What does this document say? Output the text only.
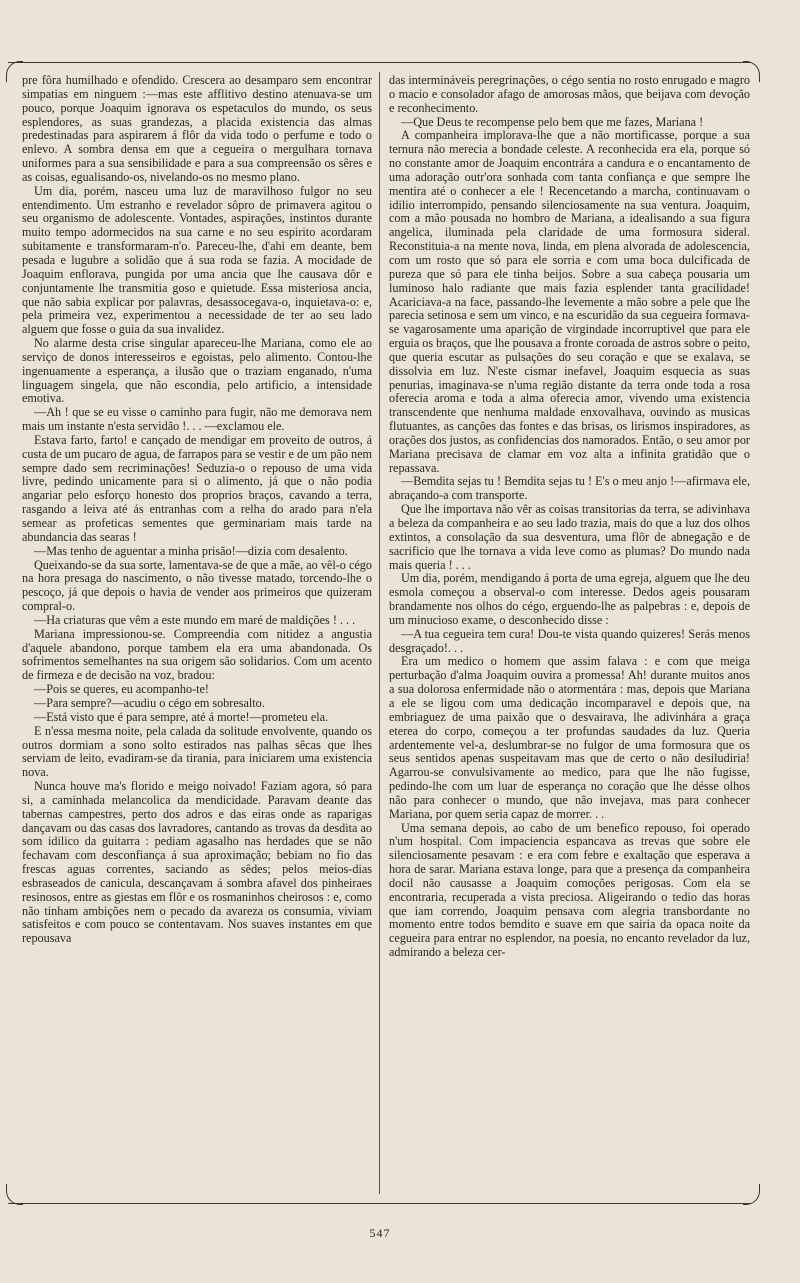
pre fôra humilhado e ofendido. Crescera ao desamparo sem encontrar simpatias em ninguem :—mas este afflitivo destino atenuava-se um pouco, porque Joaquim ignorava os espetaculos do mundo, os seus esplendores, as suas grandezas, a placida existencia das almas predestinadas para aspirarem á flôr da vida todo o perfume e todo o enlevo. A sombra densa em que a cegueira o mergulhara tornava uniformes para a sua sensibilidade e para a sua compreensão os sêres e as coisas, egualisando-os, nivelando-os no mesmo plano.

Um dia, porém, nasceu uma luz de maravilhoso fulgor no seu entendimento. Um estranho e revelador sôpro de primavera agitou o seu organismo de adolescente. Vontades, aspirações, instintos durante muito tempo adormecidos na sua carne e no seu espirito acordaram subitamente e transformaram-n'o. Pareceu-lhe, d'ahi em deante, bem pesada e lugubre a solidão que á sua roda se fazia. A mocidade de Joaquim enflorava, pungida por uma ancia que lhe causava dôr e conjuntamente lhe transmitia goso e quietude. Essa misteriosa ancia, que não sabia explicar por palavras, desassocegava-o, inquietava-o: e, pela primeira vez, experimentou a necessidade de ter ao seu lado alguem que fosse o guia da sua invalidez.

No alarme desta crise singular apareceu-lhe Mariana, como ele ao serviço de donos interesseiros e egoistas, pelo alimento. Contou-lhe ingenuamente a esperança, a ilusão que o traziam enganado, n'uma linguagem singela, que não escondia, pelo artificio, a intensidade emotiva.

—Ah ! que se eu visse o caminho para fugir, não me demorava nem mais um instante n'esta servidão !. . . —exclamou ele.

Estava farto, farto! e cançado de mendigar em proveito de outros, á custa de um pucaro de agua, de farrapos para se vestir e de um pão nem sempre dado sem recriminações! Seduzia-o o repouso de uma vida livre, pedindo unicamente para si o alimento, já que o não podia angariar pelo esforço honesto dos proprios braços, cavando a terra, rasgando a leiva até ás entranhas com a relha do arado para n'ela semear as profeticas sementes que germinariam mais tarde na abundancia das searas !

—Mas tenho de aguentar a minha prisão!—dizia com desalento.

Queixando-se da sua sorte, lamentava-se de que a mãe, ao vêl-o cégo na hora presaga do nascimento, o não tivesse matado, torcendo-lhe o pescoço, já que depois o havia de vender aos primeiros que quizeram compral-o.

—Ha criaturas que vêm a este mundo em maré de maldições ! . . .

Mariana impressionou-se. Compreendia com nitidez a angustia d'aquele abandono, porque tambem ela era uma abandonada. Os sofrimentos semelhantes na sua origem são solidarios. Com um acento de firmeza e de decisão na voz, bradou:

—Pois se queres, eu acompanho-te!

—Para sempre?—acudiu o cégo em sobresalto.

—Está visto que é para sempre, até á morte!—prometeu ela.

E n'essa mesma noite, pela calada da solitude envolvente, quando os outros dormiam a sono solto estirados nas palhas sêcas que lhes serviam de leito, evadiram-se da tirania, para iniciarem uma existencia nova.

Nunca houve ma's florido e meigo noivado! Faziam agora, só para si, a caminhada melancolica da mendicidade. Paravam deante das tabernas campestres, perto dos adros e das eiras onde as raparigas dançavam ou das casas dos lavradores, cantando as trovas da desdita ao som idilico da guitarra : pediam agasalho nas herdades que se não fechavam com desconfiança á sua aproximação; bebiam no fio das frescas aguas correntes, saciando as sêdes; pelos meios-dias esbraseados de canicula, descançavam á sombra afavel dos pinheiraes resinosos, entre as giestas em flôr e os rosmaninhos cheirosos : e, como não tinham ambições nem o pecado da avareza os consumia, viviam satisfeitos e com pouco se contentavam. Nos suaves instantes em que repousava

das intermináveis peregrinações, o cégo sentia no rosto enrugado e magro o macio e consolador afago de amorosas mãos, que beijava com devoção e reconhecimento.

—Que Deus te recompense pelo bem que me fazes, Mariana !

A companheira implorava-lhe que a não mortificasse, porque a sua ternura não merecia a bondade celeste. A reconhecida era ela, porque só no constante amor de Joaquim encontrára a candura e o encantamento de uma adoração outr'ora sonhada com tanta confiança e que sempre lhe mentira até o conhecer a ele ! Recencetando a marcha, continuavam o idilio interrompido, pensando silenciosamente na sua ventura. Joaquim, com a mão pousada no hombro de Mariana, a idealisando a sua figura angelica, iluminada pela claridade de uma formosura sideral. Reconstituia-a na mente nova, linda, em plena alvorada de adolescencia, com um rosto que só para ele sorria e com uma boca dulcificada de pureza que só para ele tinha beijos. Sobre a sua cabeça pousaria um luminoso halo radiante que mais fazia esplender tanta gracilidade! Acariciava-a na face, passando-lhe levemente a mão sobre a pele que lhe parecia setinosa e sem um vinco, e na escuridão da sua cegueira formava-se vagarosamente uma aparição de virgindade incorruptivel que para ele erguia os braços, que lhe pousava a fronte coroada de astros sobre o peito, que queria escutar as pulsações do seu coração e que se exalava, se dissolvia em luz. N'este cismar inefavel, Joaquim esquecia as suas penurias, imaginava-se n'uma região distante da terra onde toda a rosa oferecia aroma e toda a alma oferecia amor, vivendo uma existencia transcendente que nenhuma maldade enxovalhava, ouvindo as musicas flutuantes, as canções das fontes e das brisas, os lirismos inspiradores, as orações dos justos, as confidencias dos namorados. Então, o seu amor por Mariana precisava de clamar em voz alta a infinita gratidão que o repassava.

—Bemdita sejas tu ! Bemdita sejas tu ! E's o meu anjo !—afirmava ele, abraçando-a com transporte.

Que lhe importava não vêr as coisas transitorias da terra, se adivinhava a beleza da companheira e ao seu lado trazia, mais do que a luz dos olhos extintos, a consolação da sua desventura, uma flôr de abnegação e de sacrificio que lhe tornava a vida leve como as plumas? Do mundo nada mais queria ! . . .

Um dia, porém, mendigando á porta de uma egreja, alguem que lhe deu esmola começou a observal-o com interesse. Dedos ageis pousaram brandamente nos olhos do cégo, erguendo-lhe as palpebras : e, depois de um minucioso exame, o desconhecido disse :

—A tua cegueira tem cura! Dou-te vista quando quizeres! Serás menos desgraçado!. . .

Era um medico o homem que assim falava : e com que meiga perturbação d'alma Joaquim ouvira a promessa! Ah! durante muitos anos a sua dolorosa enfermidade não o atormentára : mas, depois que Mariana a ele se ligou com uma dedicação incomparavel e depois que, na embriaguez de uma paixão que o desvairava, lhe adivinhára a graça eterea do corpo, começou a ter profundas saudades da luz. Queria ardentemente vel-a, deslumbrar-se no fulgor de uma formosura que os seus sentidos apenas suspeitavam mas que de certo o não desiludiria! Agarrou-se convulsivamente ao medico, para que lhe não fugisse, pedindo-lhe com um luar de esperança no coração que lhe désse olhos não para conhecer o mundo, que não invejava, mas para conhecer Mariana, por quem seria capaz de morrer. . .

Uma semana depois, ao cabo de um benefico repouso, foi operado n'um hospital. Com impaciencia espancava as trevas que sobre ele silenciosamente pesavam : e era com febre e exaltação que esperava a hora de sarar. Mariana estava longe, para que a presença da companheira docil não causasse a Joaquim comoções perigosas. Com ela se encontraria, recuperada a vista preciosa. Aligeirando o tedio das horas que iam correndo, Joaquim pensava com alegria transbordante no momento entre todos bemdito e suave em que sairia da opaca noite da cegueira para entrar no esplendor, na poesia, no encanto revelador da luz, admirando a beleza cer-

547
